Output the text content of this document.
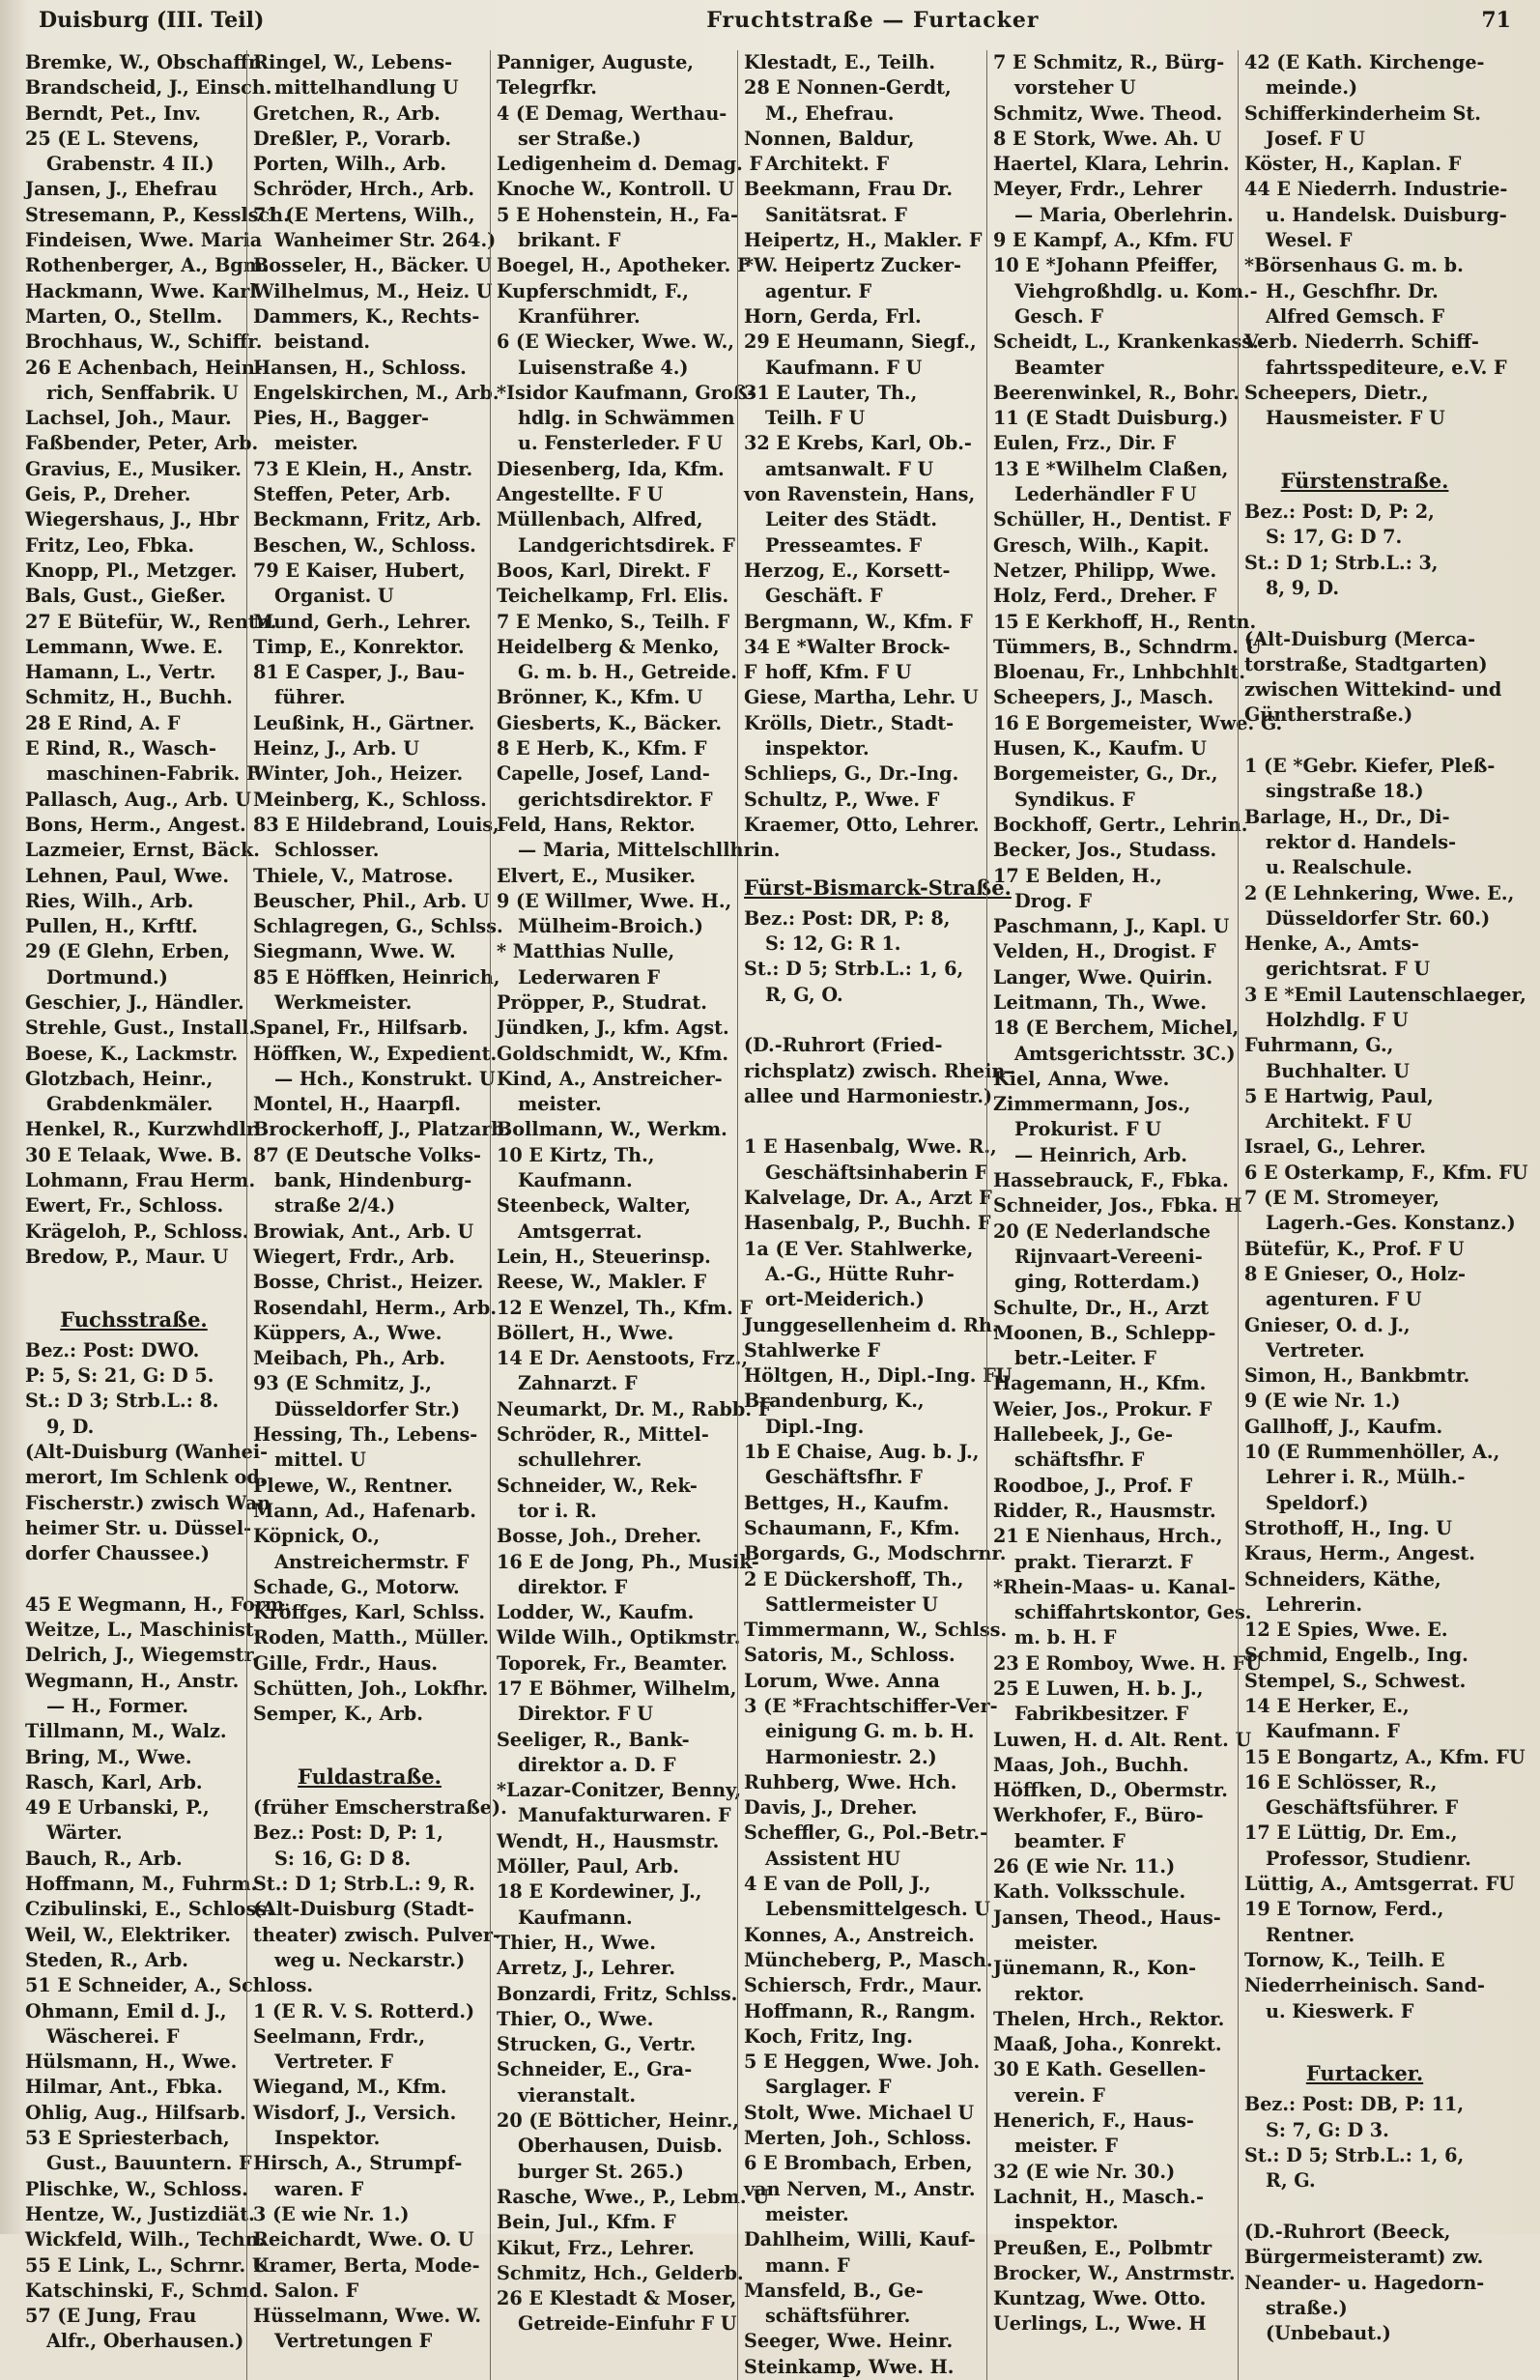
Duisburg (III. Teil)	Fruchtstraße — Furtacker	71
Bremke, W., Obschaffn.
Brandscheid, J., Einsch.
Berndt, Pet., Inv.
25 (E L. Stevens,
Grabenstr. 4 II.)
Jansen, J., Ehefrau
Stresemann, P., Kesslsch.
Findeisen, Wwe. Maria
Rothenberger, A., Bgm.
Hackmann, Wwe. Karl
Marten, O., Stellm.
Brochhaus, W., Schiffr.
26 E Achenbach, Hein-
rich, Senffabrik. U
Lachsel, Joh., Maur.
Faßbender, Peter, Arb.
Gravius, E., Musiker.
Geis, P., Dreher.
Wiegershaus, J., Hbr
Fritz, Leo, Fbka.
Knopp, Pl., Metzger.
Bals, Gust., Gießer.
27 E Bütefür, W., Rentn.
Lemmann, Wwe. E.
Hamann, L., Vertr.
Schmitz, H., Buchh.
28 E Rind, A. F
E Rind, R., Wasch-
maschinen-Fabrik. F
Pallasch, Aug., Arb. U
Bons, Herm., Angest.
Lazmeier, Ernst, Bäck.
Lehnen, Paul, Wwe.
Ries, Wilh., Arb.
Pullen, H., Krftf.
29 (E Glehn, Erben,
Dortmund.)
Geschier, J., Händler.
Strehle, Gust., Install.
Boese, K., Lackmstr.
Glotzbach, Heinr.,
Grabdenkmäler.
Henkel, R., Kurzwhdlr.
30 E Telaak, Wwe. B.
Lohmann, Frau Herm.
Ewert, Fr., Schloss.
Krägeloh, P., Schloss.
Bredow, P., Maur. U
Fuchsstraße.
Bez.: Post: DWO.
P: 5, S: 21, G: D 5.
St.: D 3; Strb.L.: 8.
9, D.
(Alt-Duisburg (Wanhei-
merort, Im Schlenk od.
Fischerstr.) zwisch Wan
heimer Str. u. Düssel-
dorfer Chaussee.)
45 E Wegmann, H., Form.
Weitze, L., Maschinist.
Delrich, J., Wiegemstr.
Wegmann, H., Anstr.
— H., Former.
Tillmann, M., Walz.
Bring, M., Wwe.
Rasch, Karl, Arb.
49 E Urbanski, P.,
Wärter.
Bauch, R., Arb.
Hoffmann, M., Fuhrm.
Czibulinski, E., Schloss.
Weil, W., Elektriker.
Steden, R., Arb.
51 E Schneider, A., Schloss.
Ohmann, Emil d. J.,
Wäscherei. F
Hülsmann, H., Wwe.
Hilmar, Ant., Fbka.
Ohlig, Aug., Hilfsarb.
53 E Spriesterbach,
Gust., Bauuntern. F
Plischke, W., Schloss.
Hentze, W., Justizdiät.
Wickfeld, Wilh., Techn.
55 E Link, L., Schrnr. U
Katschinski, F., Schmd.
57 (E Jung, Frau
Alfr., Oberhausen.)
Ringel, W., Lebens-
mittelhandlung U
Gretchen, R., Arb.
Dreßler, P., Vorarb.
Porten, Wilh., Arb.
Schröder, Hrch., Arb.
71 (E Mertens, Wilh.,
Wanheimer Str. 264.)
Bosseler, H., Bäcker. U
Wilhelmus, M., Heiz. U
Dammers, K., Rechts-
beistand.
Hansen, H., Schloss.
Engelskirchen, M., Arb.
Pies, H., Bagger-
meister.
73 E Klein, H., Anstr.
Steffen, Peter, Arb.
Beckmann, Fritz, Arb.
Beschen, W., Schloss.
79 E Kaiser, Hubert,
Organist. U
Mund, Gerh., Lehrer.
Timp, E., Konrektor.
81 E Casper, J., Bau-
führer.
Leußink, H., Gärtner.
Heinz, J., Arb. U
Winter, Joh., Heizer.
Meinberg, K., Schloss.
83 E Hildebrand, Louis,
Schlosser.
Thiele, V., Matrose.
Beuscher, Phil., Arb. U
Schlagregen, G., Schlss.
Siegmann, Wwe. W.
85 E Höffken, Heinrich,
Werkmeister.
Spanel, Fr., Hilfsarb.
Höffken, W., Expedient.
— Hch., Konstrukt. U
Montel, H., Haarpfl.
Brockerhoff, J., Platzarb.
87 (E Deutsche Volks-
bank, Hindenburg-
straße 2/4.)
Browiak, Ant., Arb. U
Wiegert, Frdr., Arb.
Bosse, Christ., Heizer.
Rosendahl, Herm., Arb.
Küppers, A., Wwe.
Meibach, Ph., Arb.
93 (E Schmitz, J.,
Düsseldorfer Str.)
Hessing, Th., Lebens-
mittel. U
Plewe, W., Rentner.
Mann, Ad., Hafenarb.
Köpnick, O.,
Anstreichermstr. F
Schade, G., Motorw.
Kröffges, Karl, Schlss.
Roden, Matth., Müller.
Gille, Frdr., Haus.
Schütten, Joh., Lokfhr.
Semper, K., Arb.
Fuldastraße.
(früher Emscherstraße).
Bez.: Post: D, P: 1,
S: 16, G: D 8.
St.: D 1; Strb.L.: 9, R.
(Alt-Duisburg (Stadt-
theater) zwisch. Pulver-
weg u. Neckarstr.)
1 (E R. V. S. Rotterd.)
Seelmann, Frdr.,
Vertreter. F
Wiegand, M., Kfm.
Wisdorf, J., Versich.
Inspektor.
Hirsch, A., Strumpf-
waren. F
3 (E wie Nr. 1.)
Reichardt, Wwe. O. U
Kramer, Berta, Mode-
Salon. F
Hüsselmann, Wwe. W.
Vertretungen F
Panniger, Auguste,
Telegrfkr.
4 (E Demag, Werthau-
ser Straße.)
Ledigenheim d. Demag. F
Knoche W., Kontroll. U
5 E Hohenstein, H., Fa-
brikant. F
Boegel, H., Apotheker. F
Kupferschmidt, F.,
Kranführer.
6 (E Wiecker, Wwe. W.,
Luisenstraße 4.)
*Isidor Kaufmann, Groß-
hdlg. in Schwämmen
u. Fensterleder. F U
Diesenberg, Ida, Kfm.
Angestellte. F U
Müllenbach, Alfred,
Landgerichtsdirek. F
Boos, Karl, Direkt. F
Teichelkamp, Frl. Elis.
7 E Menko, S., Teilh. F
Heidelberg & Menko,
G. m. b. H., Getreide. F
Brönner, K., Kfm. U
Giesberts, K., Bäcker.
8 E Herb, K., Kfm. F
Capelle, Josef, Land-
gerichtsdirektor. F
Feld, Hans, Rektor.
— Maria, Mittelschllhrin.
Elvert, E., Musiker.
9 (E Willmer, Wwe. H.,
Mülheim-Broich.)
* Matthias Nulle,
Lederwaren F
Pröpper, P., Studrat.
Jündken, J., kfm. Agst.
Goldschmidt, W., Kfm.
Kind, A., Anstreicher-
meister.
Bollmann, W., Werkm.
10 E Kirtz, Th.,
Kaufmann.
Steenbeck, Walter,
Amtsgerrat.
Lein, H., Steuerinsp.
Reese, W., Makler. F
12 E Wenzel, Th., Kfm. F
Böllert, H., Wwe.
14 E Dr. Aenstoots, Frz.,
Zahnarzt. F
Neumarkt, Dr. M., Rabb. F
Schröder, R., Mittel-
schullehrer.
Schneider, W., Rek-
tor i. R.
Bosse, Joh., Dreher.
16 E de Jong, Ph., Musik-
direktor. F
Lodder, W., Kaufm.
Wilde Wilh., Optikmstr.
Toporek, Fr., Beamter.
17 E Böhmer, Wilhelm,
Direktor. F U
Seeliger, R., Bank-
direktor a. D. F
*Lazar-Conitzer, Benny,
Manufakturwaren. F
Wendt, H., Hausmstr.
Möller, Paul, Arb.
18 E Kordewiner, J.,
Kaufmann.
Thier, H., Wwe.
Arretz, J., Lehrer.
Bonzardi, Fritz, Schlss.
Thier, O., Wwe.
Strucken, G., Vertr.
Schneider, E., Gra-
vieranstalt.
20 (E Bötticher, Heinr.,
Oberhausen, Duisb.
burger St. 265.)
Rasche, Wwe., P., Lebm. U
Bein, Jul., Kfm. F
Kikut, Frz., Lehrer.
Schmitz, Hch., Gelderb.
26 E Klestadt & Moser,
Getreide-Einfuhr F U
Klestadt, E., Teilh.
28 E Nonnen-Gerdt,
M., Ehefrau.
Nonnen, Baldur,
Architekt. F
Beekmann, Frau Dr.
Sanitätsrat. F
Heipertz, H., Makler. F
*W. Heipertz Zucker-
agentur. F
Horn, Gerda, Frl.
29 E Heumann, Siegf.,
Kaufmann. F U
31 E Lauter, Th.,
Teilh. F U
32 E Krebs, Karl, Ob.-
amtsanwalt. F U
von Ravenstein, Hans,
Leiter des Städt.
Presseamtes. F
Herzog, E., Korsett-
Geschäft. F
Bergmann, W., Kfm. F
34 E *Walter Brock-
hoff, Kfm. F U
Giese, Martha, Lehr. U
Krölls, Dietr., Stadt-
inspektor.
Schlieps, G., Dr.-Ing.
Schultz, P., Wwe. F
Kraemer, Otto, Lehrer.
Fürst-Bismarck-Straße.
Bez.: Post: DR, P: 8,
S: 12, G: R 1.
St.: D 5; Strb.L.: 1, 6,
R, G, O.
(D.-Ruhrort (Fried-
richsplatz) zwisch. Rhein-
allee und Harmoniestr.)
1 E Hasenbalg, Wwe. R.,
Geschäftsinhaberin F
Kalvelage, Dr. A., Arzt F
Hasenbalg, P., Buchh. F
1a (E Ver. Stahlwerke,
A.-G., Hütte Ruhr-
ort-Meiderich.)
Junggesellenheim d. Rh.
Stahlwerke F
Höltgen, H., Dipl.-Ing. FU
Brandenburg, K.,
Dipl.-Ing.
1b E Chaise, Aug. b. J.,
Geschäftsfhr. F
Bettges, H., Kaufm.
Schaumann, F., Kfm.
Borgards, G., Modschrnr.
2 E Dückershoff, Th.,
Sattlermeister U
Timmermann, W., Schlss.
Satoris, M., Schloss.
Lorum, Wwe. Anna
3 (E *Frachtschiffer-Ver-
einigung G. m. b. H.
Harmoniestr. 2.)
Ruhberg, Wwe. Hch.
Davis, J., Dreher.
Scheffler, G., Pol.-Betr.-
Assistent HU
4 E van de Poll, J.,
Lebensmittelgesch. U
Konnes, A., Anstreich.
Müncheberg, P., Masch.
Schiersch, Frdr., Maur.
Hoffmann, R., Rangm.
Koch, Fritz, Ing.
5 E Heggen, Wwe. Joh.
Sarglager. F
Stolt, Wwe. Michael U
Merten, Joh., Schloss.
6 E Brombach, Erben,
van Nerven, M., Anstr.
meister.
Dahlheim, Willi, Kauf-
mann. F
Mansfeld, B., Ge-
schäftsführer.
Seeger, Wwe. Heinr.
Steinkamp, Wwe. H.
7 E Schmitz, R., Bürg-
vorsteher U
Schmitz, Wwe. Theod.
8 E Stork, Wwe. Ah. U
Haertel, Klara, Lehrin.
Meyer, Frdr., Lehrer
— Maria, Oberlehrin.
9 E Kampf, A., Kfm. FU
10 E *Johann Pfeiffer,
Viehgroßhdlg. u. Kom.-
Gesch. F
Scheidt, L., Krankenkass.-
Beamter
Beerenwinkel, R., Bohr.
11 (E Stadt Duisburg.)
Eulen, Frz., Dir. F
13 E *Wilhelm Claßen,
Lederhändler F U
Schüller, H., Dentist. F
Gresch, Wilh., Kapit.
Netzer, Philipp, Wwe.
Holz, Ferd., Dreher. F
15 E Kerkhoff, H., Rentn.
Tümmers, B., Schndrm. U
Bloenau, Fr., Lnhbchhlt.
Scheepers, J., Masch.
16 E Borgemeister, Wwe. G.
Husen, K., Kaufm. U
Borgemeister, G., Dr.,
Syndikus. F
Bockhoff, Gertr., Lehrin.
Becker, Jos., Studass.
17 E Belden, H.,
Drog. F
Paschmann, J., Kapl. U
Velden, H., Drogist. F
Langer, Wwe. Quirin.
Leitmann, Th., Wwe.
18 (E Berchem, Michel,
Amtsgerichtsstr. 3C.)
Kiel, Anna, Wwe.
Zimmermann, Jos.,
Prokurist. F U
— Heinrich, Arb.
Hassebrauck, F., Fbka.
Schneider, Jos., Fbka. H
20 (E Nederlandsche
Rijnvaart-Vereeni-
ging, Rotterdam.)
Schulte, Dr., H., Arzt
Moonen, B., Schlepp-
betr.-Leiter. F
Hagemann, H., Kfm.
Weier, Jos., Prokur. F
Hallebeek, J., Ge-
schäftsfhr. F
Roodboe, J., Prof. F
Ridder, R., Hausmstr.
21 E Nienhaus, Hrch.,
prakt. Tierarzt. F
*Rhein-Maas- u. Kanal-
schiffahrtskontor, Ges.
m. b. H. F
23 E Romboy, Wwe. H. FU
25 E Luwen, H. b. J.,
Fabrikbesitzer. F
Luwen, H. d. Alt. Rent. U
Maas, Joh., Buchh.
Höffken, D., Obermstr.
Werkhofer, F., Büro-
beamter. F
26 (E wie Nr. 11.)
Kath. Volksschule.
Jansen, Theod., Haus-
meister.
Jünemann, R., Kon-
rektor.
Thelen, Hrch., Rektor.
Maaß, Joha., Konrekt.
30 E Kath. Gesellen-
verein. F
Henerich, F., Haus-
meister. F
32 (E wie Nr. 30.)
Lachnit, H., Masch.-
inspektor.
Preußen, E., Polbmtr
Brocker, W., Anstrmstr.
Kuntzag, Wwe. Otto.
Uerlings, L., Wwe. H
42 (E Kath. Kirchenge-
meinde.)
Schifferkinderheim St.
Josef. F U
Köster, H., Kaplan. F
44 E Niederrh. Industrie-
u. Handelsk. Duisburg-
Wesel. F
*Börsenhaus G. m. b.
H., Geschfhr. Dr.
Alfred Gemsch. F
Verb. Niederrh. Schiff-
fahrtsspediteure, e.V. F
Scheepers, Dietr.,
Hausmeister. F U
Fürstenstraße.
Bez.: Post: D, P: 2,
S: 17, G: D 7.
St.: D 1; Strb.L.: 3,
8, 9, D.
(Alt-Duisburg (Merca-
torstraße, Stadtgarten)
zwischen Wittekind- und
Güntherstraße.)
1 (E *Gebr. Kiefer, Pleß-
singstraße 18.)
Barlage, H., Dr., Di-
rektor d. Handels-
u. Realschule.
2 (E Lehnkering, Wwe. E.,
Düsseldorfer Str. 60.)
Henke, A., Amts-
gerichtsrat. F U
3 E *Emil Lautenschlaeger,
Holzhdlg. F U
Fuhrmann, G.,
Buchhalter. U
5 E Hartwig, Paul,
Architekt. F U
Israel, G., Lehrer.
6 E Osterkamp, F., Kfm. FU
7 (E M. Stromeyer,
Lagerh.-Ges. Konstanz.)
Bütefür, K., Prof. F U
8 E Gnieser, O., Holz-
agenturen. F U
Gnieser, O. d. J.,
Vertreter.
Simon, H., Bankbmtr.
9 (E wie Nr. 1.)
Gallhoff, J., Kaufm.
10 (E Rummenhöller, A.,
Lehrer i. R., Mülh.-
Speldorf.)
Strothoff, H., Ing. U
Kraus, Herm., Angest.
Schneiders, Käthe,
Lehrerin.
12 E Spies, Wwe. E.
Schmid, Engelb., Ing.
Stempel, S., Schwest.
14 E Herker, E.,
Kaufmann. F
15 E Bongartz, A., Kfm. FU
16 E Schlösser, R.,
Geschäftsführer. F
17 E Lüttig, Dr. Em.,
Professor, Studienr.
Lüttig, A., Amtsgerrat. FU
19 E Tornow, Ferd.,
Rentner.
Tornow, K., Teilh. E
Niederrheinisch. Sand-
u. Kieswerk. F
Furtacker.
Bez.: Post: DB, P: 11,
S: 7, G: D 3.
St.: D 5; Strb.L.: 1, 6,
R, G.
(D.-Ruhrort (Beeck,
Bürgermeisteramt) zw.
Neander- u. Hagedorn-
straße.)
(Unbebaut.)
